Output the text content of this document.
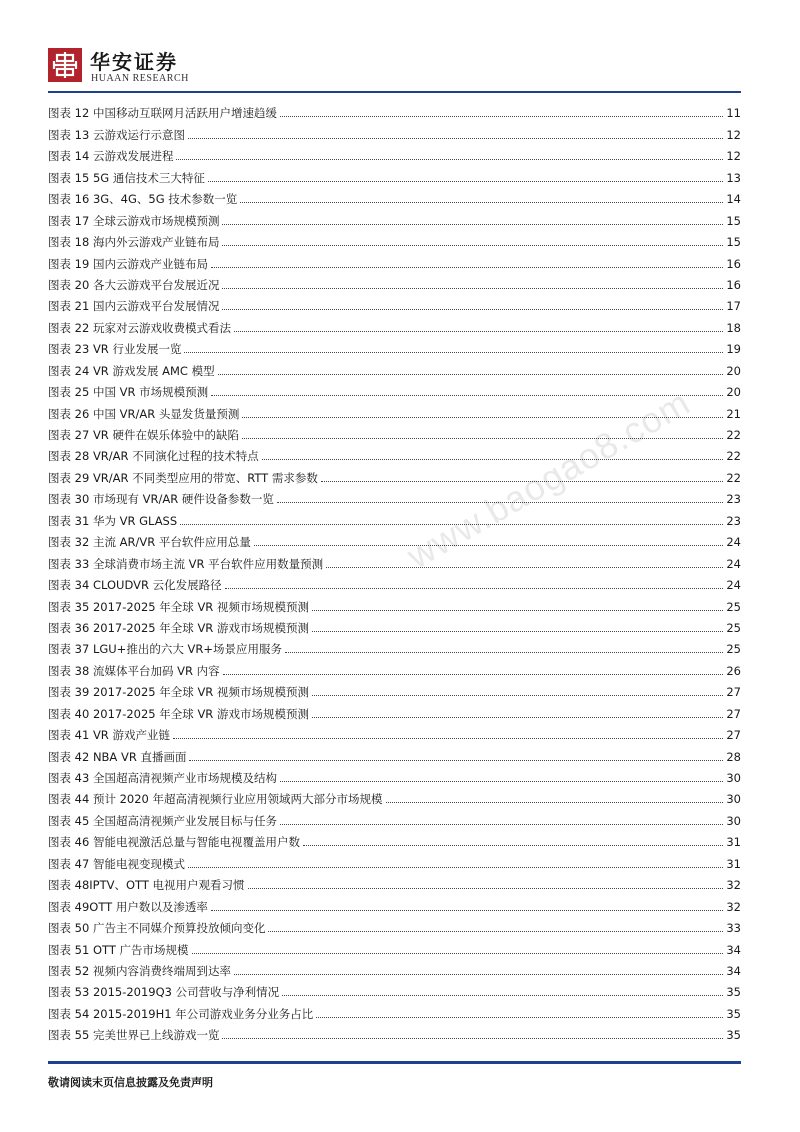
华安证券
HUAAN RESEARCH
www.baogao8.com
图表 12 中国移动互联网月活跃用户增速趋缓	11
图表 13 云游戏运行示意图	12
图表 14 云游戏发展进程	12
图表 15 5G 通信技术三大特征	13
图表 16 3G、4G、5G 技术参数一览	14
图表 17 全球云游戏市场规模预测	15
图表 18 海内外云游戏产业链布局	15
图表 19 国内云游戏产业链布局	16
图表 20 各大云游戏平台发展近况	16
图表 21 国内云游戏平台发展情况	17
图表 22 玩家对云游戏收费模式看法	18
图表 23 VR 行业发展一览	19
图表 24 VR 游戏发展 AMC 模型	20
图表 25 中国 VR 市场规模预测	20
图表 26 中国 VR/AR 头显发货量预测	21
图表 27 VR 硬件在娱乐体验中的缺陷	22
图表 28 VR/AR 不同演化过程的技术特点	22
图表 29 VR/AR 不同类型应用的带宽、RTT 需求参数	22
图表 30 市场现有 VR/AR 硬件设备参数一览	23
图表 31 华为 VR GLASS	23
图表 32 主流 AR/VR 平台软件应用总量	24
图表 33 全球消费市场主流 VR 平台软件应用数量预测	24
图表 34 CLOUDVR 云化发展路径	24
图表 35 2017-2025 年全球 VR 视频市场规模预测	25
图表 36 2017-2025 年全球 VR 游戏市场规模预测	25
图表 37 LGU+推出的六大 VR+场景应用服务	25
图表 38 流媒体平台加码 VR 内容	26
图表 39 2017-2025 年全球 VR 视频市场规模预测	27
图表 40 2017-2025 年全球 VR 游戏市场规模预测	27
图表 41 VR 游戏产业链	27
图表 42 NBA VR 直播画面	28
图表 43 全国超高清视频产业市场规模及结构	30
图表 44 预计 2020 年超高清视频行业应用领域两大部分市场规模	30
图表 45 全国超高清视频产业发展目标与任务	30
图表 46 智能电视激活总量与智能电视覆盖用户数	31
图表 47 智能电视变现模式	31
图表 48IPTV、OTT 电视用户观看习惯	32
图表 49OTT 用户数以及渗透率	32
图表 50 广告主不同媒介预算投放倾向变化	33
图表 51 OTT 广告市场规模	34
图表 52 视频内容消费终端周到达率	34
图表 53 2015-2019Q3 公司营收与净利情况	35
图表 54 2015-2019H1 年公司游戏业务分业务占比	35
图表 55 完美世界已上线游戏一览	35
敬请阅读末页信息披露及免责声明
